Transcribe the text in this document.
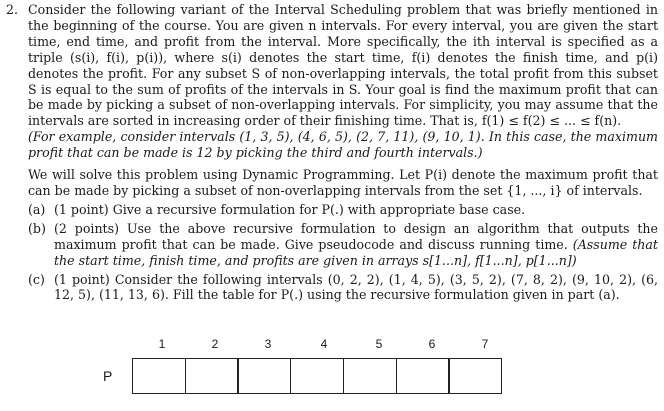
2. Consider the following variant of the Interval Scheduling problem that was briefly mentioned in the beginning of the course. You are given n intervals. For every interval, you are given the start time, end time, and profit from the interval. More specifically, the ith interval is specified as a triple (s(i), f(i), p(i)), where s(i) denotes the start time, f(i) denotes the finish time, and p(i) denotes the profit. For any subset S of non-overlapping intervals, the total profit from this subset S is equal to the sum of profits of the intervals in S. Your goal is find the maximum profit that can be made by picking a subset of non-overlapping intervals. For simplicity, you may assume that the intervals are sorted in increasing order of their finishing time. That is, f(1) ≤ f(2) ≤ ... ≤ f(n).

(For example, consider intervals (1, 3, 5), (4, 6, 5), (2, 7, 11), (9, 10, 1). In this case, the maximum profit that can be made is 12 by picking the third and fourth intervals.)

We will solve this problem using Dynamic Programming. Let P(i) denote the maximum profit that can be made by picking a subset of non-overlapping intervals from the set {1, ..., i} of intervals.

(a) (1 point) Give a recursive formulation for P(.) with appropriate base case.
(b) (2 points) Use the above recursive formulation to design an algorithm that outputs the maximum profit that can be made. Give pseudocode and discuss running time. (Assume that the start time, finish time, and profits are given in arrays s[1...n], f[1...n], p[1...n])
(c) (1 point) Consider the following intervals (0, 2, 2), (1, 4, 5), (3, 5, 2), (7, 8, 2), (9, 10, 2), (6, 12, 5), (11, 13, 6). Fill the table for P(.) using the recursive formulation given in part (a).
1	2	3	4	5	6	7
P
